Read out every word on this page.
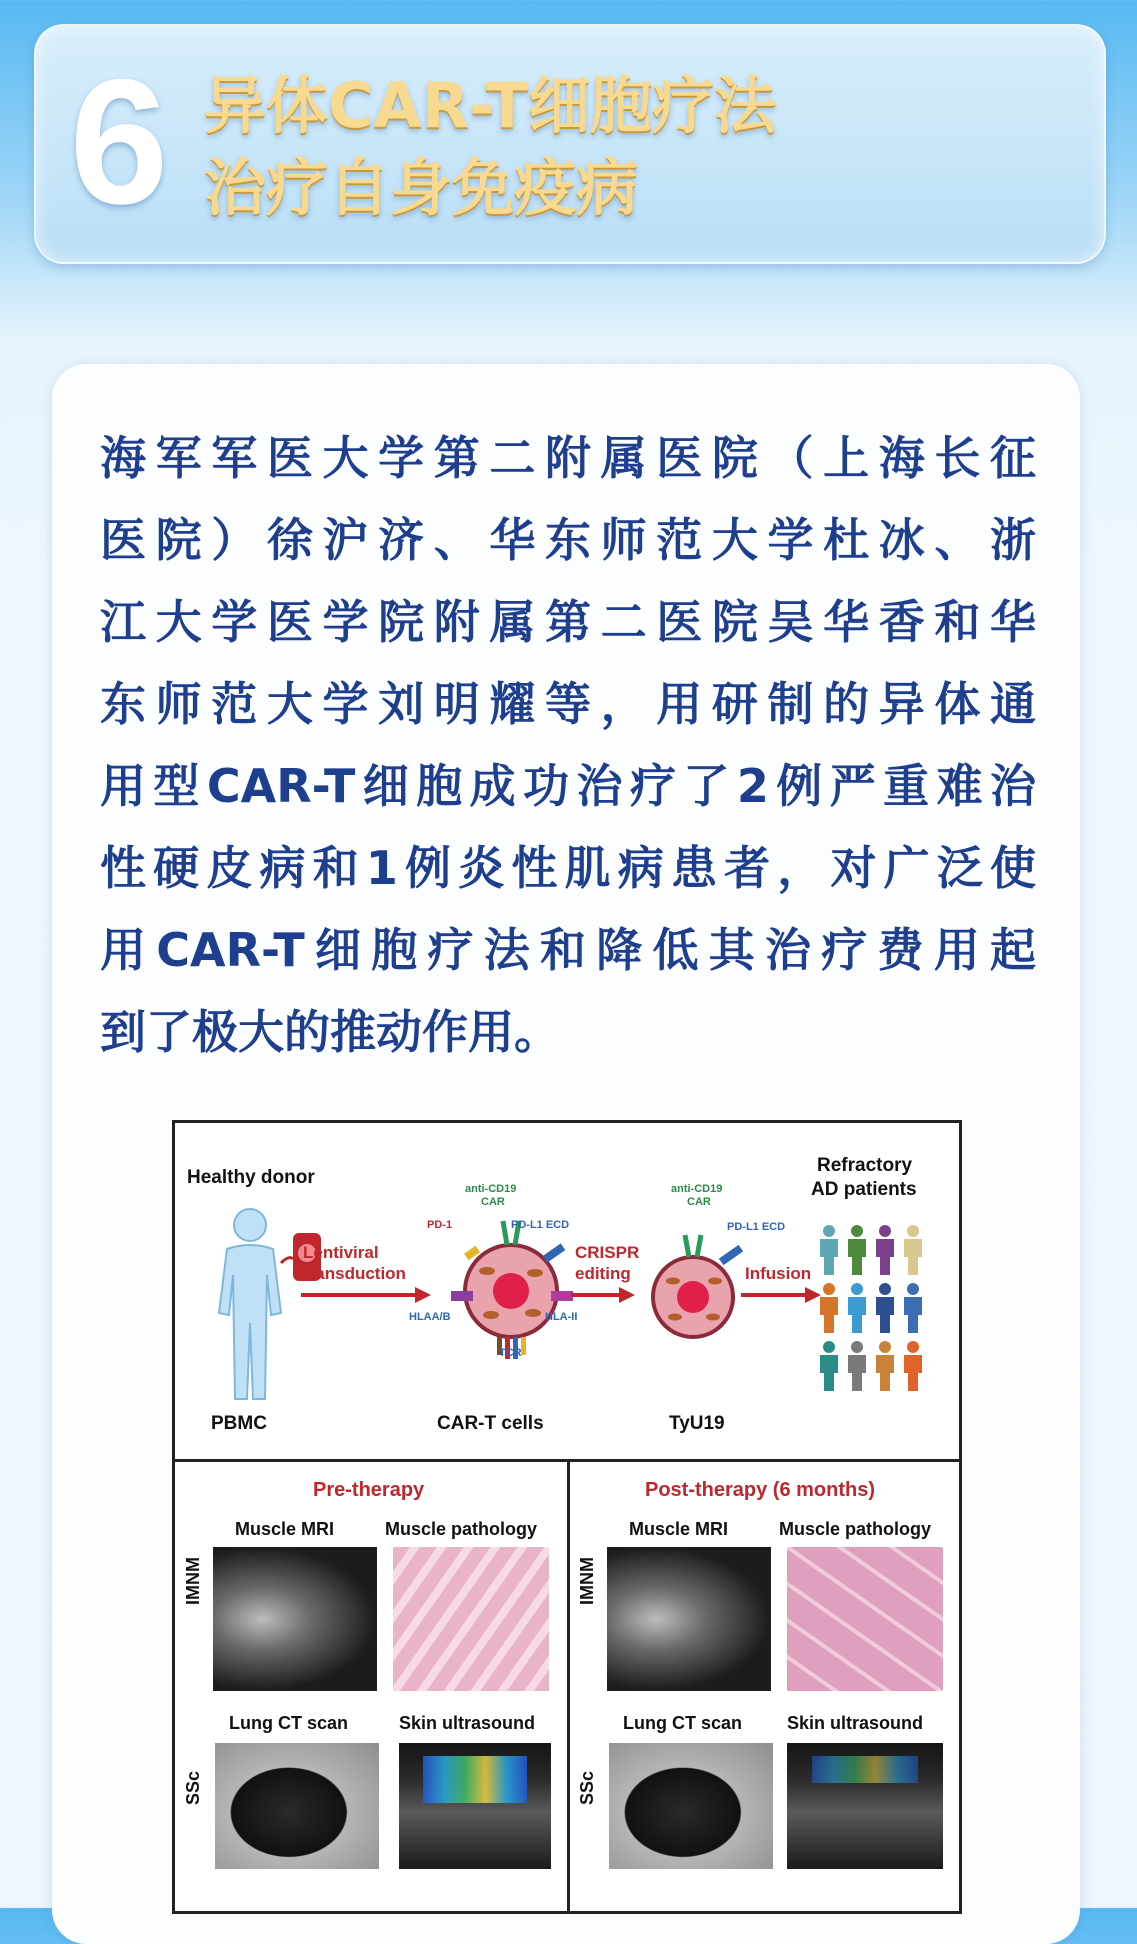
6 异体CAR-T细胞疗法
治疗自身免疫病
海军军医大学第二附属医院（上海长征
医院）徐沪济、华东师范大学杜冰、浙
江大学医学院附属第二医院吴华香和华
东师范大学刘明耀等，用研制的异体通
用型CAR-T细胞成功治疗了2例严重难治
性硬皮病和1例炎性肌病患者，对广泛使
用CAR-T细胞疗法和降低其治疗费用起
到了极大的推动作用。
Healthy donor
PBMC
Lentiviral
transduction
anti-CD19
CAR
PD-1	PD-L1 ECD
HLAA/B	HLA-II
TCR
CAR-T cells
CRISPR
editing
anti-CD19
CAR
PD-L1 ECD
TyU19
Infusion
Refractory
AD patients
Pre-therapy
Muscle MRI	Muscle pathology
IMNM
Lung CT scan	Skin ultrasound
SSc
Post-therapy (6 months)
Muscle MRI	Muscle pathology
IMNM
Lung CT scan Skin ultrasound
SSc
